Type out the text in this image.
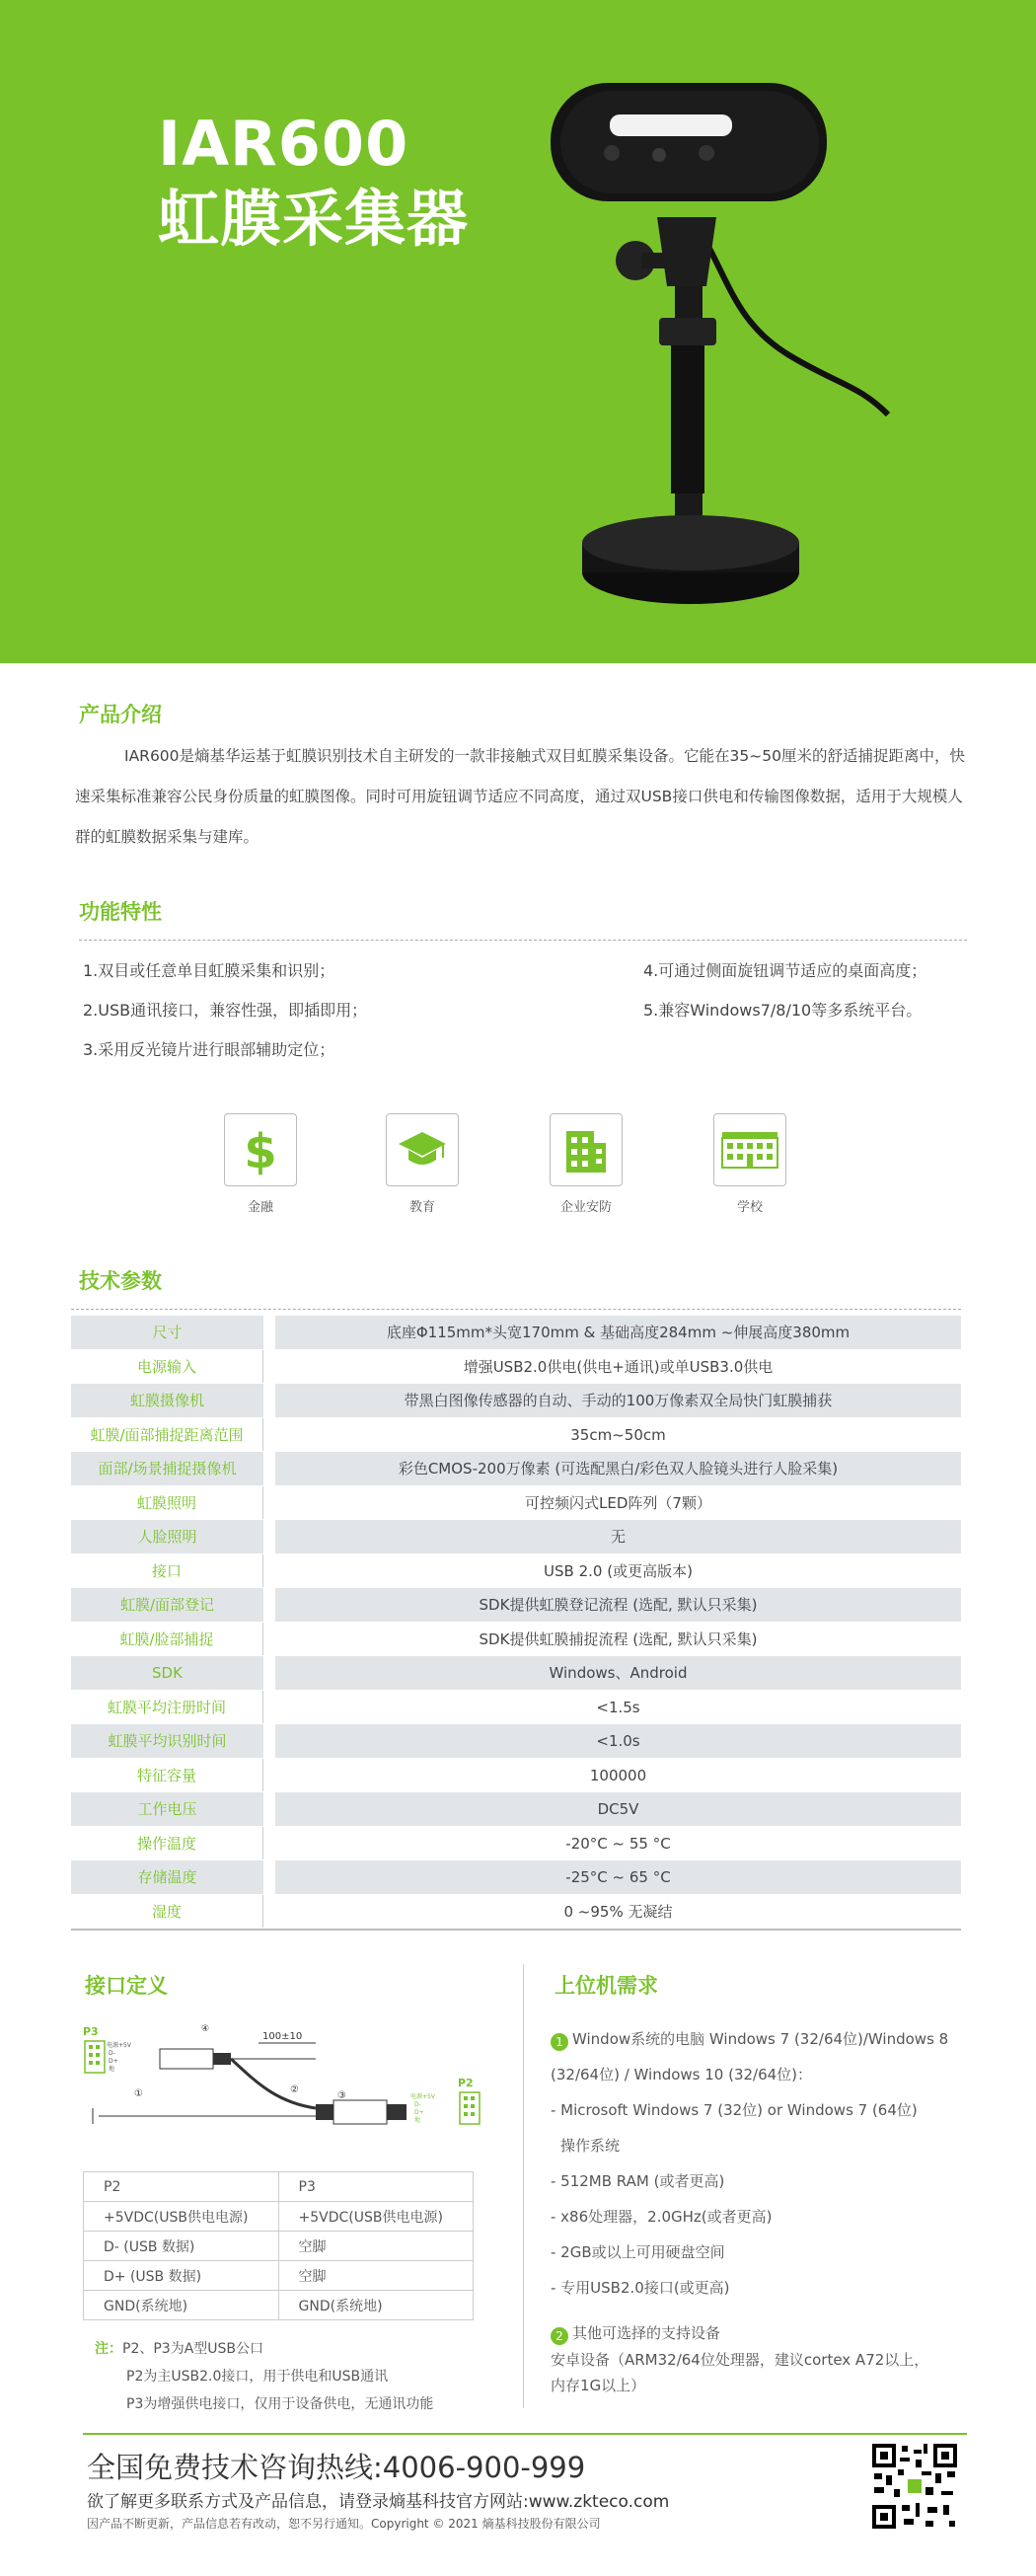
IAR600
虹膜采集器
产品介绍
IAR600是熵基华运基于虹膜识别技术自主研发的一款非接触式双目虹膜采集设备。它能在35~50厘米的舒适捕捉距离中，快速采集标准兼容公民身份质量的虹膜图像。同时可用旋钮调节适应不同高度，通过双USB接口供电和传输图像数据，适用于大规模人群的虹膜数据采集与建库。
功能特性
1.双目或任意单目虹膜采集和识别；
2.USB通讯接口，兼容性强，即插即用；
3.采用反光镜片进行眼部辅助定位；
4.可通过侧面旋钮调节适应的桌面高度；
5.兼容Windows7/8/10等多系统平台。
$
金融	教育	企业安防	学校
技术参数
尺寸	底座Φ115mm*头宽170mm & 基础高度284mm ~伸展高度380mm
电源输入	增强USB2.0供电(供电+通讯)或单USB3.0供电
虹膜摄像机	带黑白图像传感器的自动、手动的100万像素双全局快门虹膜捕获
虹膜/面部捕捉距离范围	35cm~50cm
面部/场景捕捉摄像机	彩色CMOS-200万像素 (可选配黑白/彩色双人脸镜头进行人脸采集)
虹膜照明	可控频闪式LED阵列（7颗）
人脸照明	无
接口	USB 2.0 (或更高版本)
虹膜/面部登记	SDK提供虹膜登记流程 (选配, 默认只采集)
虹膜/脸部捕捉	SDK提供虹膜捕捉流程 (选配, 默认只采集)
SDK	Windows、Android
虹膜平均注册时间	<1.5s
虹膜平均识别时间	<1.0s
特征容量	100000
工作电压	DC5V
操作温度	-20°C ~ 55 °C
存储温度	-25°C ~ 65 °C
湿度	0 ~95% 无凝结
接口定义
P3
电源+5V
D-
D+
地
④
100±10
①	②
③
P2
电源+5V
D-
D+
地
P2	P3
+5VDC(USB供电电源)	+5VDC(USB供电电源)
D- (USB 数据)	空脚
D+ (USB 数据)	空脚
GND(系统地)	GND(系统地)
注：P2、P3为A型USB公口
P2为主USB2.0接口，用于供电和USB通讯
P3为增强供电接口，仅用于设备供电，无通讯功能
上位机需求
1 Window系统的电脑 Windows 7 (32/64位)/Windows 8
(32/64位) / Windows 10 (32/64位)：
- Microsoft Windows 7 (32位) or Windows 7 (64位)
操作系统
- 512MB RAM (或者更高)
- x86处理器，2.0GHz(或者更高)
- 2GB或以上可用硬盘空间
- 专用USB2.0接口(或更高)
2 其他可选择的支持设备
安卓设备（ARM32/64位处理器，建议cortex A72以上，
内存1G以上）
全国免费技术咨询热线:4006-900-999
欲了解更多联系方式及产品信息，请登录熵基科技官方网站:www.zkteco.com
因产品不断更新，产品信息若有改动，恕不另行通知。Copyright © 2021 熵基科技股份有限公司
